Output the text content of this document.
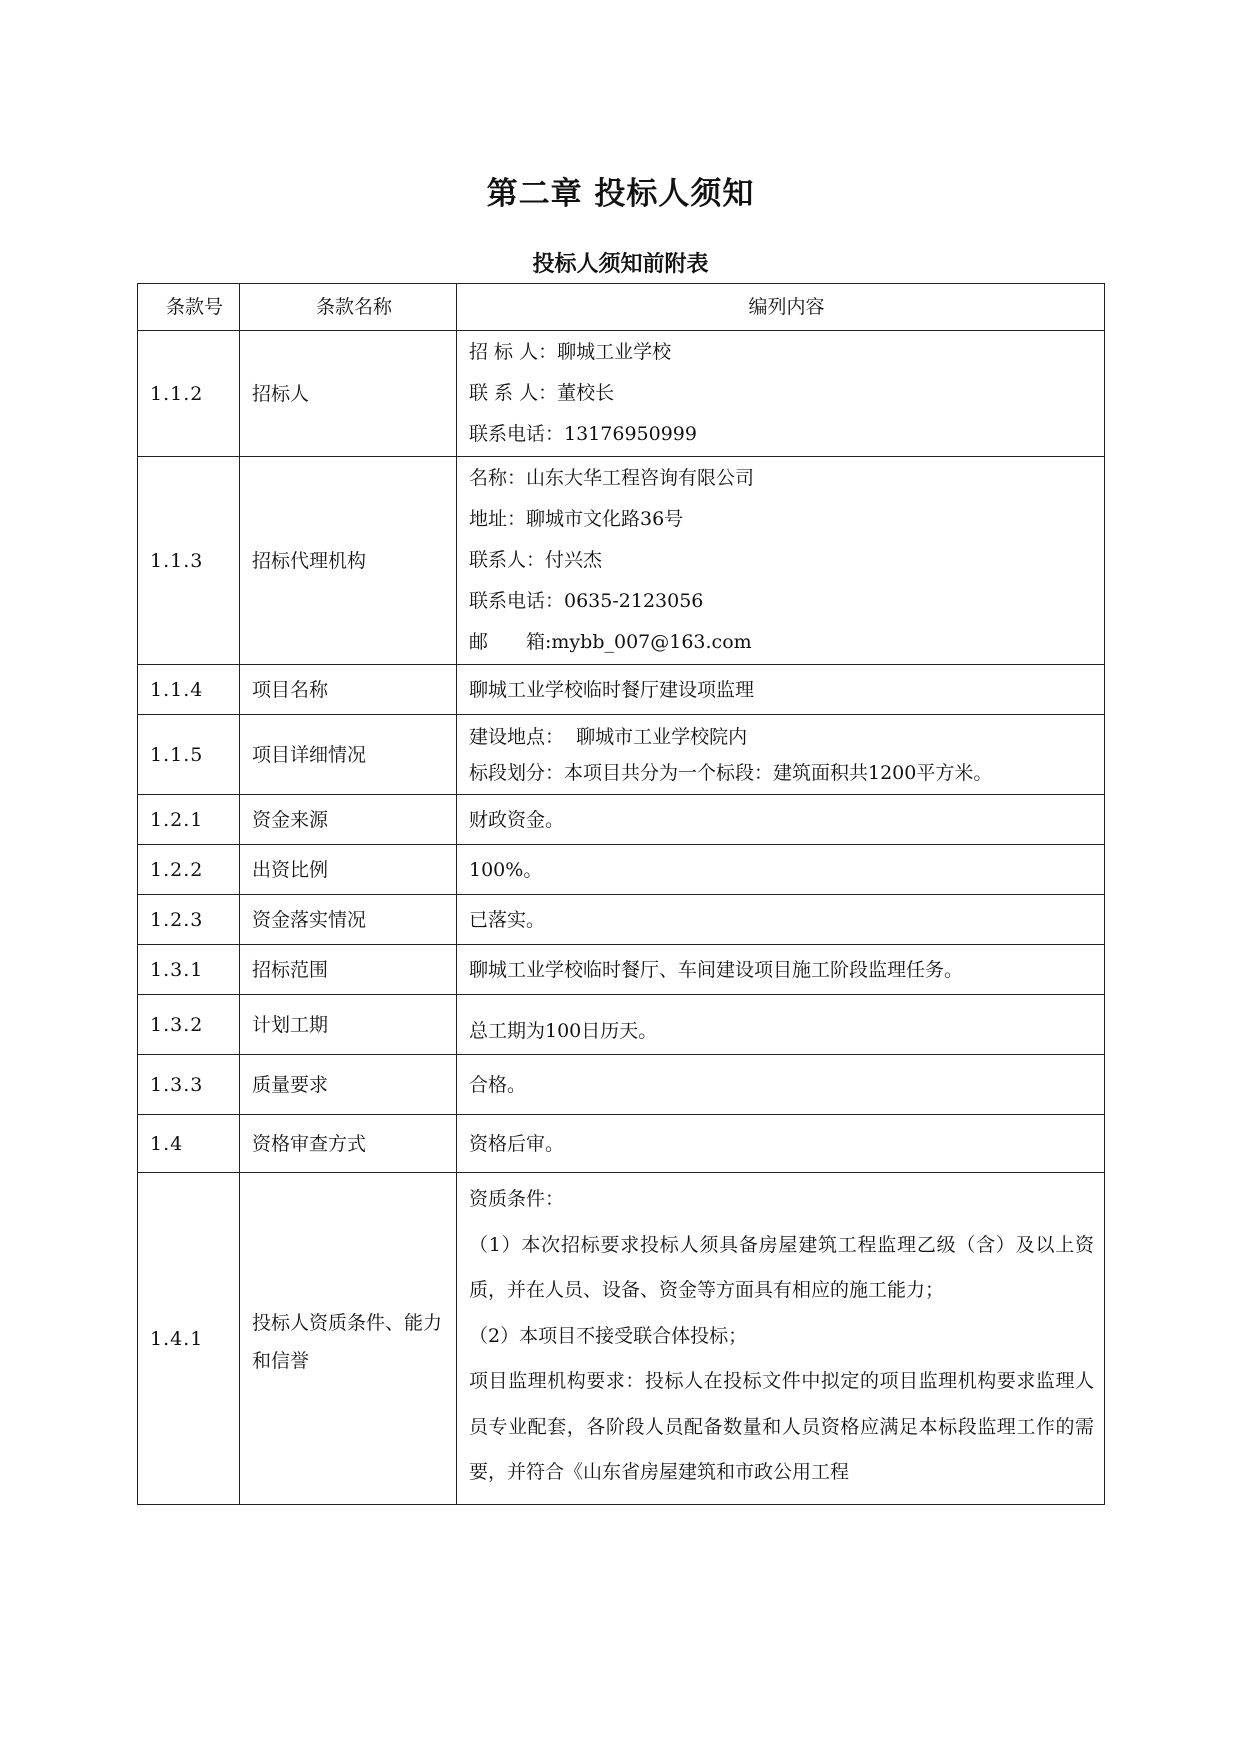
第二章 投标人须知
投标人须知前附表
条款号	条款名称	编列内容
1.1.2	招标人	招 标 人：聊城工业学校
联 系 人：董校长
联系电话：13176950999

1.1.3	招标代理机构	名称：山东大华工程咨询有限公司
地址：聊城市文化路36号
联系人：付兴杰
联系电话：0635-2123056
邮　　箱:mybb_007@163.com

1.1.4	项目名称	聊城工业学校临时餐厅建设项监理
1.1.5	项目详细情况	建设地点：  聊城市工业学校院内
标段划分：本项目共分为一个标段：建筑面积共1200平方米。

1.2.1	资金来源	财政资金。
1.2.2	出资比例	100%。
1.2.3	资金落实情况	已落实。
1.3.1	招标范围	聊城工业学校临时餐厅、车间建设项目施工阶段监理任务。
1.3.2	计划工期	总工期为100日历天。
1.3.3	质量要求	合格。
1.4	资格审查方式	资格后审。
1.4.1	投标人资质条件、能力和信誉	资质条件：
（1）本次招标要求投标人须具备房屋建筑工程监理乙级（含）及以上资质，并在人员、设备、资金等方面具有相应的施工能力；
（2）本项目不接受联合体投标；
项目监理机构要求：投标人在投标文件中拟定的项目监理机构要求监理人员专业配套，各阶段人员配备数量和人员资格应满足本标段监理工作的需要，并符合《山东省房屋建筑和市政公用工程
